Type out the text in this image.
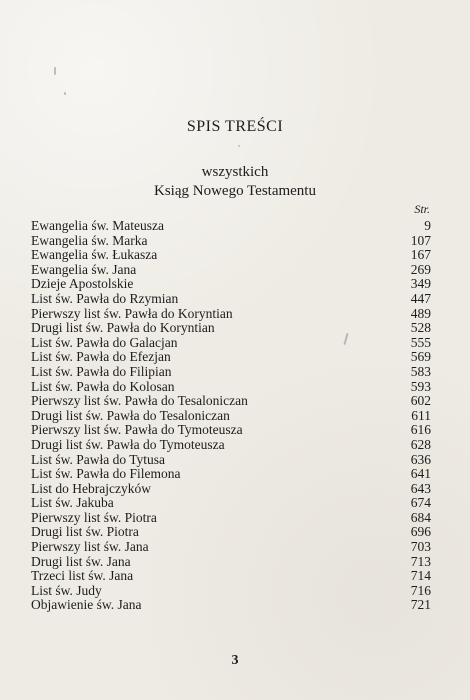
SPIS TREŚCI
wszystkich
Ksiąg Nowego Testamentu
Str.
Ewangelia św. Mateusza	9
Ewangelia św. Marka	107
Ewangelia św. Łukasza	167
Ewangelia św. Jana	269
Dzieje Apostolskie	349
List św. Pawła do Rzymian	447
Pierwszy list św. Pawła do Koryntian	489
Drugi list św. Pawła do Koryntian	528
List św. Pawła do Galacjan	555
List św. Pawła do Efezjan	569
List św. Pawła do Filipian	583
List św. Pawła do Kolosan	593
Pierwszy list św. Pawła do Tesaloniczan	602
Drugi list św. Pawła do Tesaloniczan	611
Pierwszy list św. Pawła do Tymoteusza	616
Drugi list św. Pawła do Tymoteusza	628
List św. Pawła do Tytusa	636
List św. Pawła do Filemona	641
List do Hebrajczyków	643
List św. Jakuba	674
Pierwszy list św. Piotra	684
Drugi list św. Piotra	696
Pierwszy list św. Jana	703
Drugi list św. Jana	713
Trzeci list św. Jana	714
List św. Judy	716
Objawienie św. Jana	721
3
